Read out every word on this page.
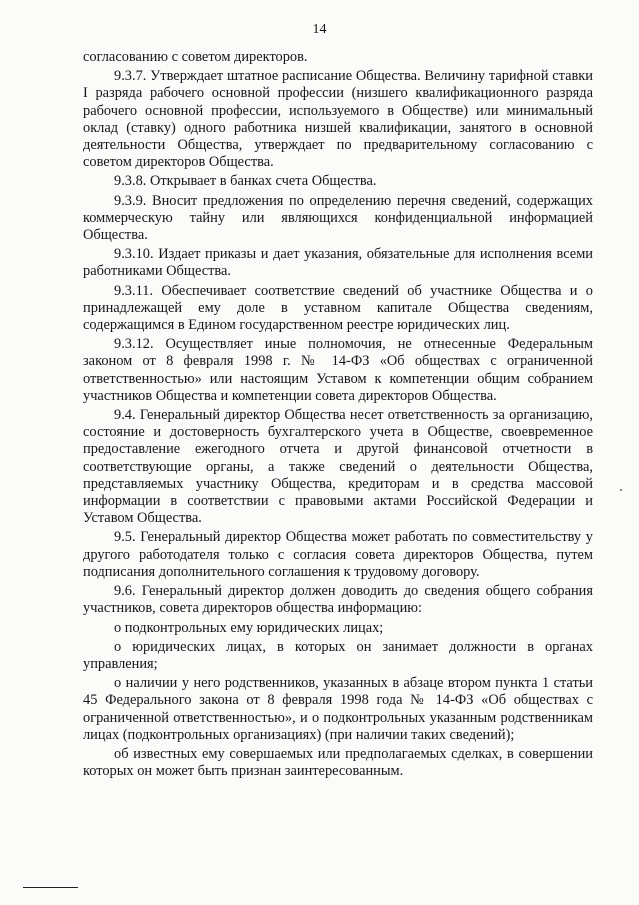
14

согласованию с советом директоров.

9.3.7. Утверждает штатное расписание Общества. Величину тарифной ставки I разряда рабочего основной профессии (низшего квалификационного разряда рабочего основной профессии, используемого в Обществе) или минимальный оклад (ставку) одного работника низшей квалификации, занятого в основной деятельности Общества, утверждает по предварительному согласованию с советом директоров Общества.

9.3.8. Открывает в банках счета Общества.

9.3.9. Вносит предложения по определению перечня сведений, содержащих коммерческую тайну или являющихся конфиденциальной информацией Общества.

9.3.10. Издает приказы и дает указания, обязательные для исполнения всеми работниками Общества.

9.3.11. Обеспечивает соответствие сведений об участнике Общества и о принадлежащей ему доле в уставном капитале Общества сведениям, содержащимся в Едином государственном реестре юридических лиц.

9.3.12. Осуществляет иные полномочия, не отнесенные Федеральным законом от 8 февраля 1998 г. № 14-ФЗ «Об обществах с ограниченной ответственностью» или настоящим Уставом к компетенции общим собранием участников Общества и компетенции совета директоров Общества.

9.4. Генеральный директор Общества несет ответственность за организацию, состояние и достоверность бухгалтерского учета в Обществе, своевременное предоставление ежегодного отчета и другой финансовой отчетности в соответствующие органы, а также сведений о деятельности Общества, представляемых участнику Общества, кредиторам и в средства массовой информации в соответствии с правовыми актами Российской Федерации и Уставом Общества.

9.5. Генеральный директор Общества может работать по совместительству у другого работодателя только с согласия совета директоров Общества, путем подписания дополнительного соглашения к трудовому договору.

9.6. Генеральный директор должен доводить до сведения общего собрания участников, совета директоров общества информацию:

о подконтрольных ему юридических лицах;

о юридических лицах, в которых он занимает должности в органах управления;

о наличии у него родственников, указанных в абзаце втором пункта 1 статьи 45 Федерального закона от 8 февраля 1998 года № 14-ФЗ «Об обществах с ограниченной ответственностью», и о подконтрольных указанным родственникам лицах (подконтрольных организациях) (при наличии таких сведений);

об известных ему совершаемых или предполагаемых сделках, в совершении которых он может быть признан заинтересованным.
